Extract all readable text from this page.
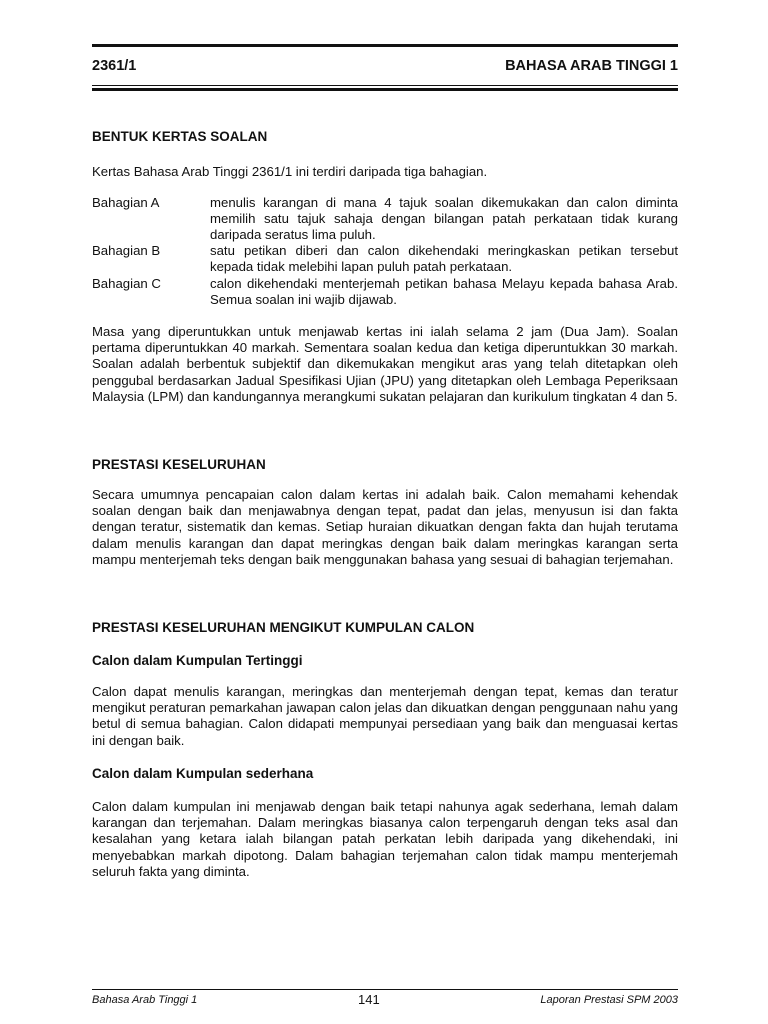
2361/1	BAHASA ARAB TINGGI 1

BENTUK KERTAS SOALAN

Kertas Bahasa Arab Tinggi 2361/1 ini terdiri daripada tiga bahagian.

Bahagian A	menulis karangan di mana 4 tajuk soalan dikemukakan dan calon diminta memilih satu tajuk sahaja dengan bilangan patah perkataan tidak kurang daripada seratus lima puluh.
Bahagian B	satu petikan diberi dan calon dikehendaki meringkaskan petikan tersebut kepada tidak melebihi lapan puluh patah perkataan.
Bahagian C	calon dikehendaki menterjemah petikan bahasa Melayu kepada bahasa Arab. Semua soalan ini wajib dijawab.

Masa yang diperuntukkan untuk menjawab kertas ini ialah selama 2 jam (Dua Jam). Soalan pertama diperuntukkan 40 markah. Sementara soalan kedua dan ketiga diperuntukkan 30 markah. Soalan adalah berbentuk subjektif dan dikemukakan mengikut aras yang telah ditetapkan oleh penggubal berdasarkan Jadual Spesifikasi Ujian (JPU) yang ditetapkan oleh Lembaga Peperiksaan Malaysia (LPM) dan kandungannya merangkumi sukatan pelajaran dan kurikulum tingkatan 4 dan 5.

PRESTASI KESELURUHAN

Secara umumnya pencapaian calon dalam kertas ini adalah baik. Calon memahami kehendak soalan dengan baik dan menjawabnya dengan tepat, padat dan jelas, menyusun isi dan fakta dengan teratur, sistematik dan kemas. Setiap huraian dikuatkan dengan fakta dan hujah terutama dalam menulis karangan dan dapat meringkas dengan baik dalam meringkas karangan serta mampu menterjemah teks dengan baik menggunakan bahasa yang sesuai di bahagian terjemahan.

PRESTASI KESELURUHAN MENGIKUT KUMPULAN CALON

Calon dalam Kumpulan Tertinggi

Calon dapat menulis karangan, meringkas dan menterjemah dengan tepat, kemas dan teratur mengikut peraturan pemarkahan jawapan calon jelas dan dikuatkan dengan penggunaan nahu yang betul di semua bahagian. Calon didapati mempunyai persediaan yang baik dan menguasai kertas ini dengan baik.

Calon dalam Kumpulan sederhana

Calon dalam kumpulan ini menjawab dengan baik tetapi nahunya agak sederhana, lemah dalam karangan dan terjemahan. Dalam meringkas biasanya calon terpengaruh dengan teks asal dan kesalahan yang ketara ialah bilangan patah perkatan lebih daripada yang dikehendaki, ini menyebabkan markah dipotong. Dalam bahagian terjemahan calon tidak mampu menterjemah seluruh fakta yang diminta.

Bahasa Arab Tinggi 1	141	Laporan Prestasi SPM 2003
